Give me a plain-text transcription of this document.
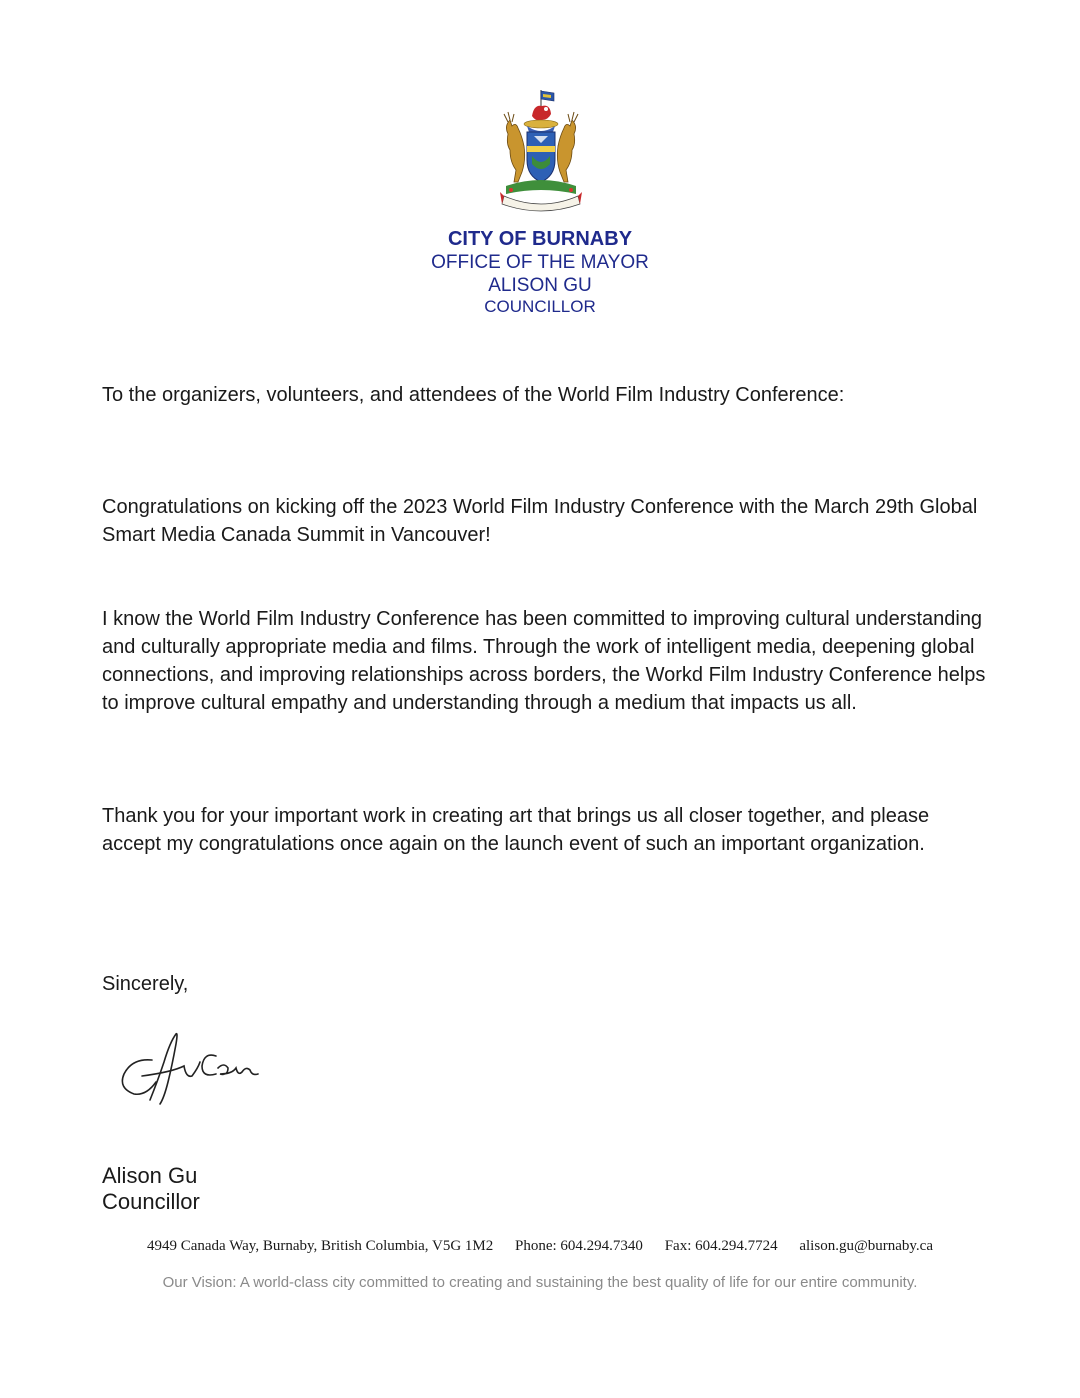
CITY OF BURNABY
OFFICE OF THE MAYOR
ALISON GU
COUNCILLOR

To the organizers, volunteers, and attendees of the World Film Industry Conference:

Congratulations on kicking off the 2023 World Film Industry Conference with the March 29th Global Smart Media Canada Summit in Vancouver!

I know the World Film Industry Conference has been committed to improving cultural understanding and culturally appropriate media and films. Through the work of intelligent media, deepening global connections, and improving relationships across borders, the Workd Film Industry Conference helps to improve cultural empathy and understanding through a medium that impacts us all.

Thank you for your important work in creating art that brings us all closer together, and please accept my congratulations once again on the launch event of such an important organization.

Sincerely,

Alison Gu
Councillor
4949 Canada Way, Burnaby, British Columbia, V5G 1M2 Phone: 604.294.7340 Fax: 604.294.7724 alison.gu@burnaby.ca
Our Vision: A world-class city committed to creating and sustaining the best quality of life for our entire community.
